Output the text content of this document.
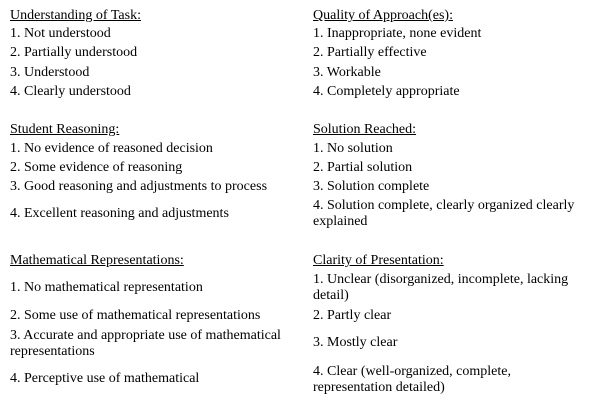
Understanding of Task:
1. Not understood
2. Partially understood
3. Understood
4. Clearly understood
Student Reasoning:
1. No evidence of reasoned decision
2. Some evidence of reasoning
3. Good reasoning and adjustments to process
4. Excellent reasoning and adjustments
Mathematical Representations:
1. No mathematical representation
2. Some use of mathematical representations
3. Accurate and appropriate use of mathematical representations
4. Perceptive use of mathematical
Quality of Approach(es):
1. Inappropriate, none evident
2. Partially effective
3. Workable
4. Completely appropriate
Solution Reached:
1. No solution
2. Partial solution
3. Solution complete
4. Solution complete, clearly organized clearly explained
Clarity of Presentation:
1. Unclear (disorganized, incomplete, lacking detail)
2. Partly clear
3. Mostly clear
4. Clear (well-organized, complete, representation detailed)
